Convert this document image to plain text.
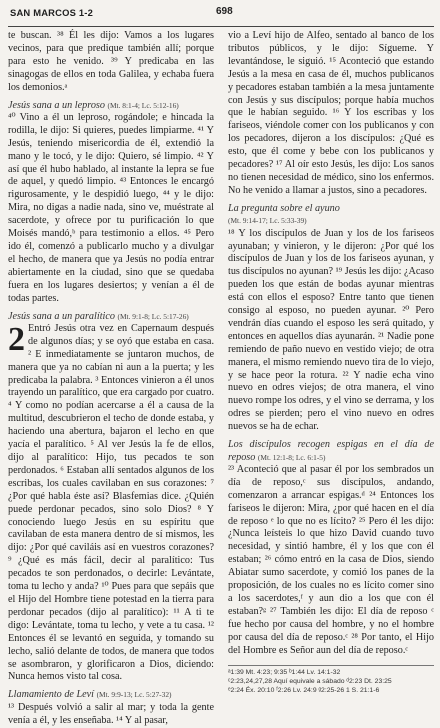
SAN MARCOS 1-2	698

te buscan. ³⁸ Él les dijo: Vamos a los lugares vecinos, para que predique también allí; porque para esto he venido. ³⁹ Y predicaba en las sinagogas de ellos en toda Galilea, y echaba fuera los demonios.ᵃ

Jesús sana a un leproso (Mt. 8:1-4; Lc. 5:12-16)

⁴⁰ Vino a él un leproso, rogándole; e hincada la rodilla, le dijo: Si quieres, puedes limpiarme. ⁴¹ Y Jesús, teniendo misericordia de él, extendió la mano y le tocó, y le dijo: Quiero, sé limpio. ⁴² Y así que él hubo hablado, al instante la lepra se fue de aquel, y quedó limpio. ⁴³ Entonces le encargó rigurosamente, y le despidió luego, ⁴⁴ y le dijo: Mira, no digas a nadie nada, sino ve, muéstrate al sacerdote, y ofrece por tu purificación lo que Moisés mandó,ᵇ para testimonio a ellos. ⁴⁵ Pero ido él, comenzó a publicarlo mucho y a divulgar el hecho, de manera que ya Jesús no podía entrar abiertamente en la ciudad, sino que se quedaba fuera en los lugares desiertos; y venían a él de todas partes.

Jesús sana a un paralítico (Mt. 9:1-8; Lc. 5:17-26)

2 Entró Jesús otra vez en Capernaum después de algunos días; y se oyó que estaba en casa. ² E inmediatamente se juntaron muchos, de manera que ya no cabían ni aun a la puerta; y les predicaba la palabra. ³ Entonces vinieron a él unos trayendo un paralítico, que era cargado por cuatro. ⁴ Y como no podían acercarse a él a causa de la multitud, descubrieron el techo de donde estaba, y haciendo una abertura, bajaron el lecho en que yacía el paralítico. ⁵ Al ver Jesús la fe de ellos, dijo al paralítico: Hijo, tus pecados te son perdonados. ⁶ Estaban allí sentados algunos de los escribas, los cuales cavilaban en sus corazones: ⁷ ¿Por qué habla éste así? Blasfemias dice. ¿Quién puede perdonar pecados, sino solo Dios? ⁸ Y conociendo luego Jesús en su espíritu que cavilaban de esta manera dentro de sí mismos, les dijo: ¿Por qué caviláis así en vuestros corazones? ⁹ ¿Qué es más fácil, decir al paralítico: Tus pecados te son perdonados, o decirle: Levántate, toma tu lecho y anda? ¹⁰ Pues para que sepáis que el Hijo del Hombre tiene potestad en la tierra para perdonar pecados (dijo al paralítico): ¹¹ A ti te digo: Levántate, toma tu lecho, y vete a tu casa. ¹² Entonces él se levantó en seguida, y tomando su lecho, salió delante de todos, de manera que todos se asombraron, y glorificaron a Dios, diciendo: Nunca hemos visto tal cosa.

Llamamiento de Leví (Mt. 9:9-13; Lc. 5:27-32)

¹³ Después volvió a salir al mar; y toda la gente venía a él, y les enseñaba. ¹⁴ Y al pasar,

vio a Leví hijo de Alfeo, sentado al banco de los tributos públicos, y le dijo: Sígueme. Y levantándose, le siguió. ¹⁵ Aconteció que estando Jesús a la mesa en casa de él, muchos publicanos y pecadores estaban también a la mesa juntamente con Jesús y sus discípulos; porque había muchos que le habían seguido. ¹⁶ Y los escribas y los fariseos, viéndole comer con los publicanos y con los pecadores, dijeron a los discípulos: ¿Qué es esto, que él come y bebe con los publicanos y pecadores? ¹⁷ Al oír esto Jesús, les dijo: Los sanos no tienen necesidad de médico, sino los enfermos. No he venido a llamar a justos, sino a pecadores.

La pregunta sobre el ayuno
(Mt. 9:14-17; Lc. 5:33-39)

¹⁸ Y los discípulos de Juan y los de los fariseos ayunaban; y vinieron, y le dijeron: ¿Por qué los discípulos de Juan y los de los fariseos ayunan, y tus discípulos no ayunan? ¹⁹ Jesús les dijo: ¿Acaso pueden los que están de bodas ayunar mientras está con ellos el esposo? Entre tanto que tienen consigo al esposo, no pueden ayunar. ²⁰ Pero vendrán días cuando el esposo les será quitado, y entonces en aquellos días ayunarán. ²¹ Nadie pone remiendo de paño nuevo en vestido viejo; de otra manera, el mismo remiendo nuevo tira de lo viejo, y se hace peor la rotura. ²² Y nadie echa vino nuevo en odres viejos; de otra manera, el vino nuevo rompe los odres, y el vino se derrama, y los odres se pierden; pero el vino nuevo en odres nuevos se ha de echar.

Los discípulos recogen espigas en el día de reposo (Mt. 12:1-8; Lc. 6:1-5)

²³ Aconteció que al pasar él por los sembrados un día de reposo,ᶜ sus discípulos, andando, comenzaron a arrancar espigas.ᵈ ²⁴ Entonces los fariseos le dijeron: Mira, ¿por qué hacen en el día de reposo ᵉ lo que no es lícito? ²⁵ Pero él les dijo: ¿Nunca leísteis lo que hizo David cuando tuvo necesidad, y sintió hambre, él y los que con él estaban; ²⁶ cómo entró en la casa de Dios, siendo Abiatar sumo sacerdote, y comió los panes de la proposición, de los cuales no es lícito comer sino a los sacerdotes,ᶠ y aun dio a los que con él estaban?ᵍ ²⁷ También les dijo: El día de reposo ᶜ fue hecho por causa del hombre, y no el hombre por causa del día de reposo.ᶜ ²⁸ Por tanto, el Hijo del Hombre es Señor aun del día de reposo.ᶜ

ᵃ1:39 Mt. 4:23; 9:35 ᵇ1:44 Lv. 14:1-32
ᶜ2:23,24,27,28 Aquí equivale a sábado ᵈ2:23 Dt. 23:25
ᵉ2:24 Éx. 20:10 ᶠ2:26 Lv. 24:9 ᵍ2:25-26 1 S. 21:1-6
